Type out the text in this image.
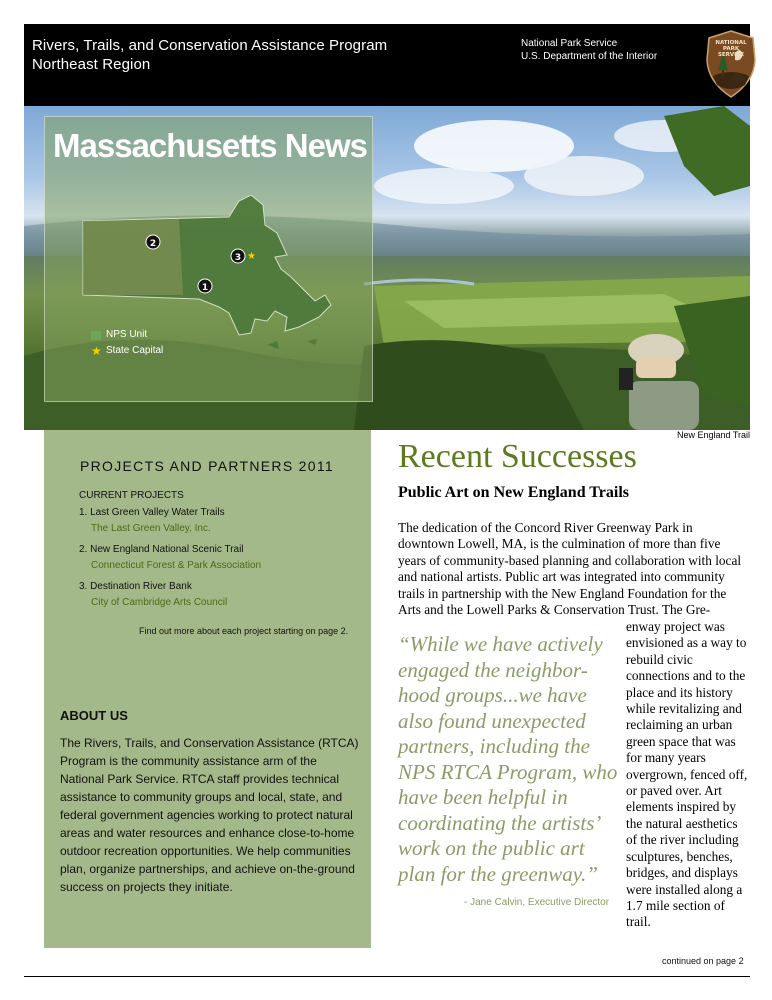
Rivers, Trails, and Conservation Assistance Program
Northeast Region
National Park Service
U.S. Department of the Interior
NATIONAL
PARK
SERVICE
New England Trail
Massachusetts News
2
3
1
★
NPS Unit
★ State Capital
PROJECTS AND PARTNERS 2011
CURRENT PROJECTS
1. Last Green Valley Water Trails
The Last Green Valley, Inc.
2. New England National Scenic Trail
Connecticut Forest & Park Association
3. Destination River Bank
City of Cambridge Arts Council
Find out more about each project starting on page 2.
ABOUT US
The Rivers, Trails, and Conservation Assistance (RTCA) Program is the community assistance arm of the National Park Service. RTCA staff provides technical assistance to community groups and local, state, and federal government agencies working to protect natural areas and water resources and enhance close-to-home outdoor recreation opportunities. We help communities plan, organize partnerships, and achieve on-the-ground success on projects they initiate.
Recent Successes
Public Art on New England Trails
The dedication of the Concord River Greenway Park in downtown Lowell, MA, is the culmination of more than five years of community-based planning and collaboration with local and national artists. Public art was integrated into community trails in partnership with the New England Foundation for the Arts and the Lowell Parks & Conservation Trust. The Gre-
“While we have actively engaged the neighbor-hood groups...we have also found unexpected partners, including the NPS RTCA Program, who have been helpful in coordinating the artists’ work on the public art plan for the greenway.”
enway project was envisioned as a way to rebuild civic connections and to the place and its history while revitalizing and reclaiming an urban green space that was for many years overgrown, fenced off, or paved over. Art elements inspired by the natural aesthetics of the river including sculptures, benches, bridges, and displays were installed along a 1.7 mile section of trail.
- Jane Calvin, Executive Director
continued on page 2
